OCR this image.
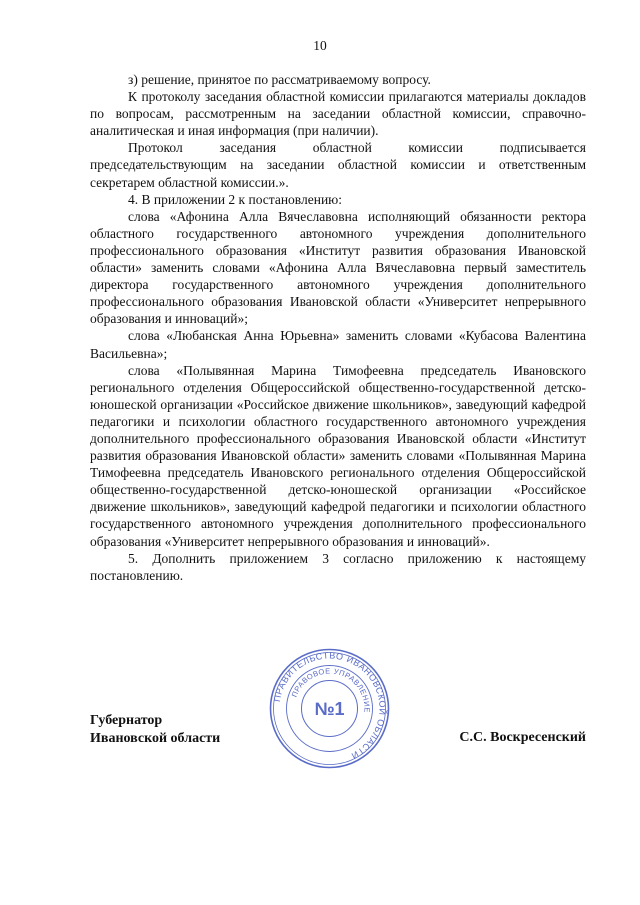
10

з) решение, принятое по рассматриваемому вопросу.

К протоколу заседания областной комиссии прилагаются материалы докладов по вопросам, рассмотренным на заседании областной комиссии, справочно-аналитическая и иная информация (при наличии).

Протокол заседания областной комиссии подписывается председательствующим на заседании областной комиссии и ответственным секретарем областной комиссии.».

4. В приложении 2 к постановлению:

слова «Афонина Алла Вячеславовна исполняющий обязанности ректора областного государственного автономного учреждения дополнительного профессионального образования «Институт развития образования Ивановской области» заменить словами «Афонина Алла Вячеславовна первый заместитель директора государственного автономного учреждения дополнительного профессионального образования Ивановской области «Университет непрерывного образования и инноваций»;

слова «Любанская Анна Юрьевна» заменить словами «Кубасова Валентина Васильевна»;

слова «Полывянная Марина Тимофеевна председатель Ивановского регионального отделения Общероссийской общественно-государственной детско-юношеской организации «Российское движение школьников», заведующий кафедрой педагогики и психологии областного государственного автономного учреждения дополнительного профессионального образования Ивановской области «Институт развития образования Ивановской области» заменить словами «Полывянная Марина Тимофеевна председатель Ивановского регионального отделения Общероссийской общественно-государственной детско-юношеской организации «Российское движение школьников», заведующий кафедрой педагогики и психологии областного государственного автономного учреждения дополнительного профессионального образования «Университет непрерывного образования и инноваций».

5. Дополнить приложением 3 согласно приложению к настоящему постановлению.

Губернатор
Ивановской области
ПРАВИТЕЛЬСТВО ИВАНОВСКОЙ ОБЛАСТИ
ПРАВОВОЕ УПРАВЛЕНИЕ
№1
С.С. Воскресенский
